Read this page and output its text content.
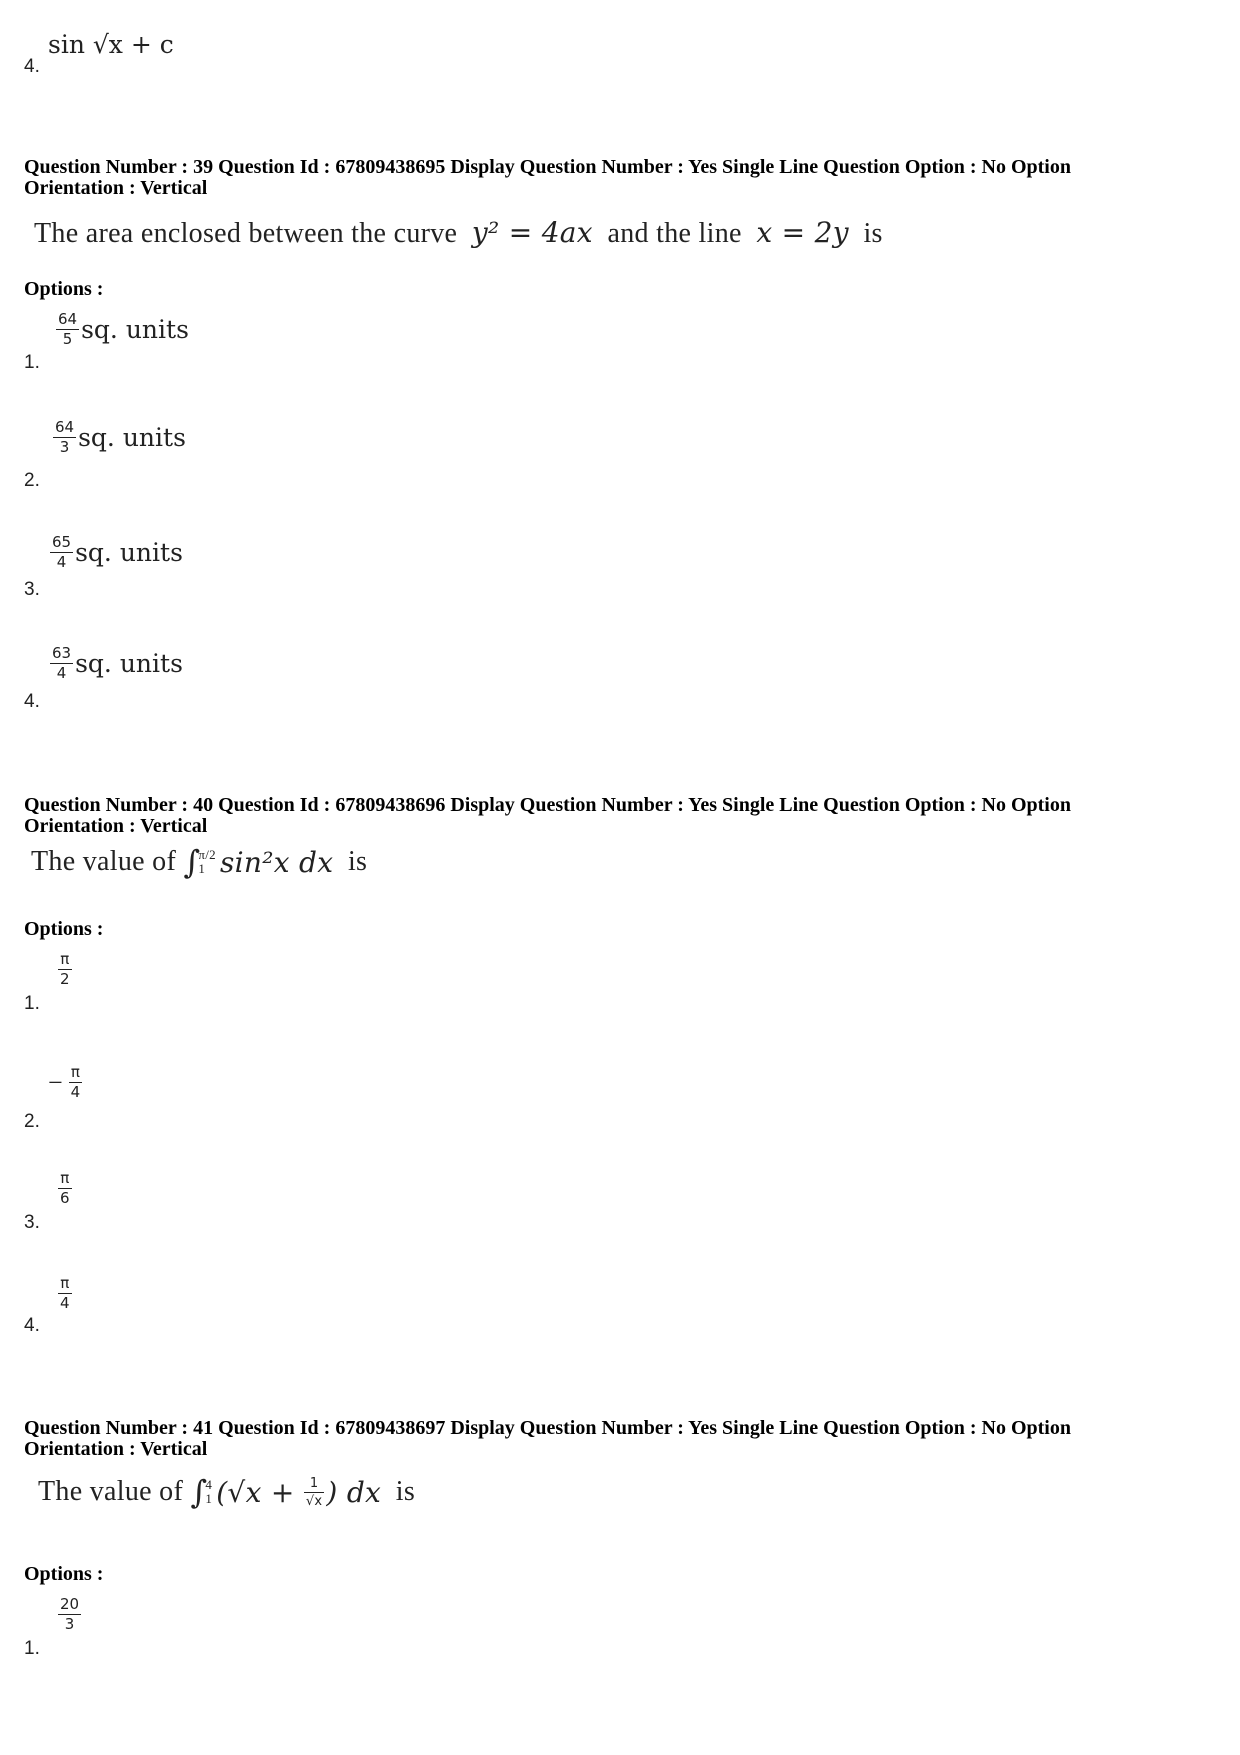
sin √x + c
4.
Question Number : 39 Question Id : 67809438695 Display Question Number : Yes Single Line Question Option : No Option Orientation : Vertical
The area enclosed between the curve y² = 4ax and the line x = 2y is
Options :
$\frac{64}{5}$ sq. units
1.
$\frac{64}{3}$ sq. units
2.
$\frac{65}{4}$ sq. units
3.
$\frac{63}{4}$ sq. units
4.
Question Number : 40 Question Id : 67809438696 Display Question Number : Yes Single Line Question Option : No Option Orientation : Vertical
The value of
∫
π/2
1 sin²x dx
is
Options :
$\frac{\pi}{2}$
1.
− $\frac{\pi}{4}$
2.
$\frac{\pi}{6}$
3.
$\frac{\pi}{4}$
4.
Question Number : 41 Question Id : 67809438697 Display Question Number : Yes Single Line Question Option : No Option Orientation : Vertical
The value of
∫
4
1 ($√x + \frac{1}{√x}$ ) dx
is
Options :
$\frac{20}{3}$
1.
